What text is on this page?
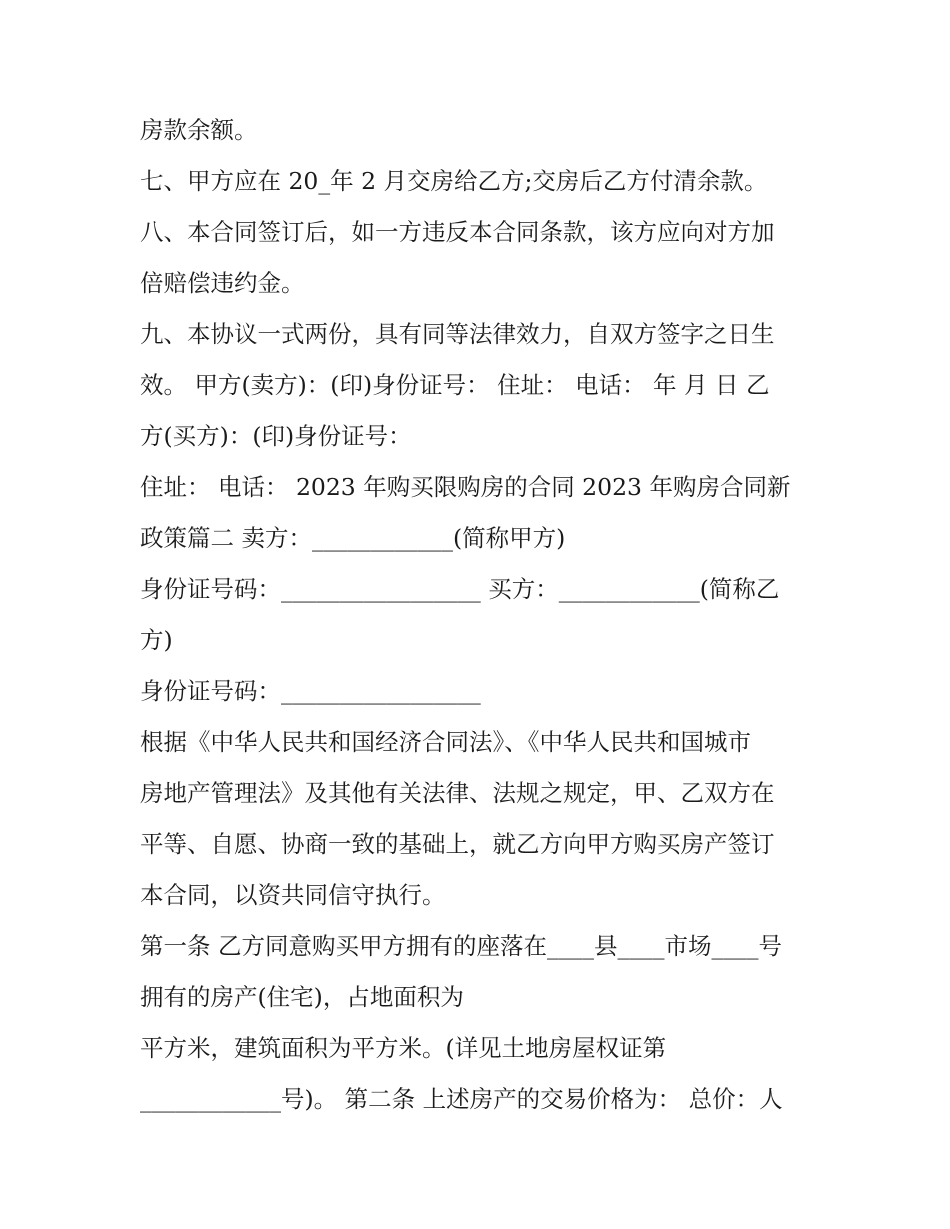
房款余额。
七、甲方应在 20_年 2 月交房给乙方;交房后乙方付清余款。
八、本合同签订后，如一方违反本合同条款，该方应向对方加
倍赔偿违约金。
九、本协议一式两份，具有同等法律效力，自双方签字之日生
效。 甲方(卖方)：(印)身份证号： 住址： 电话： 年 月 日 乙
方(买方)：(印)身份证号：
住址： 电话： 2023 年购买限购房的合同 2023 年购房合同新
政策篇二 卖方：____________(简称甲方)
身份证号码：_________________ 买方：____________(简称乙
方)
身份证号码：_________________
根据《中华人民共和国经济合同法》、《中华人民共和国城市
房地产管理法》及其他有关法律、法规之规定，甲、乙双方在
平等、自愿、协商一致的基础上，就乙方向甲方购买房产签订
本合同，以资共同信守执行。
第一条 乙方同意购买甲方拥有的座落在____县____市场____号
拥有的房产(住宅)，占地面积为
平方米，建筑面积为平方米。(详见土地房屋权证第
____________号)。 第二条 上述房产的交易价格为： 总价：人
